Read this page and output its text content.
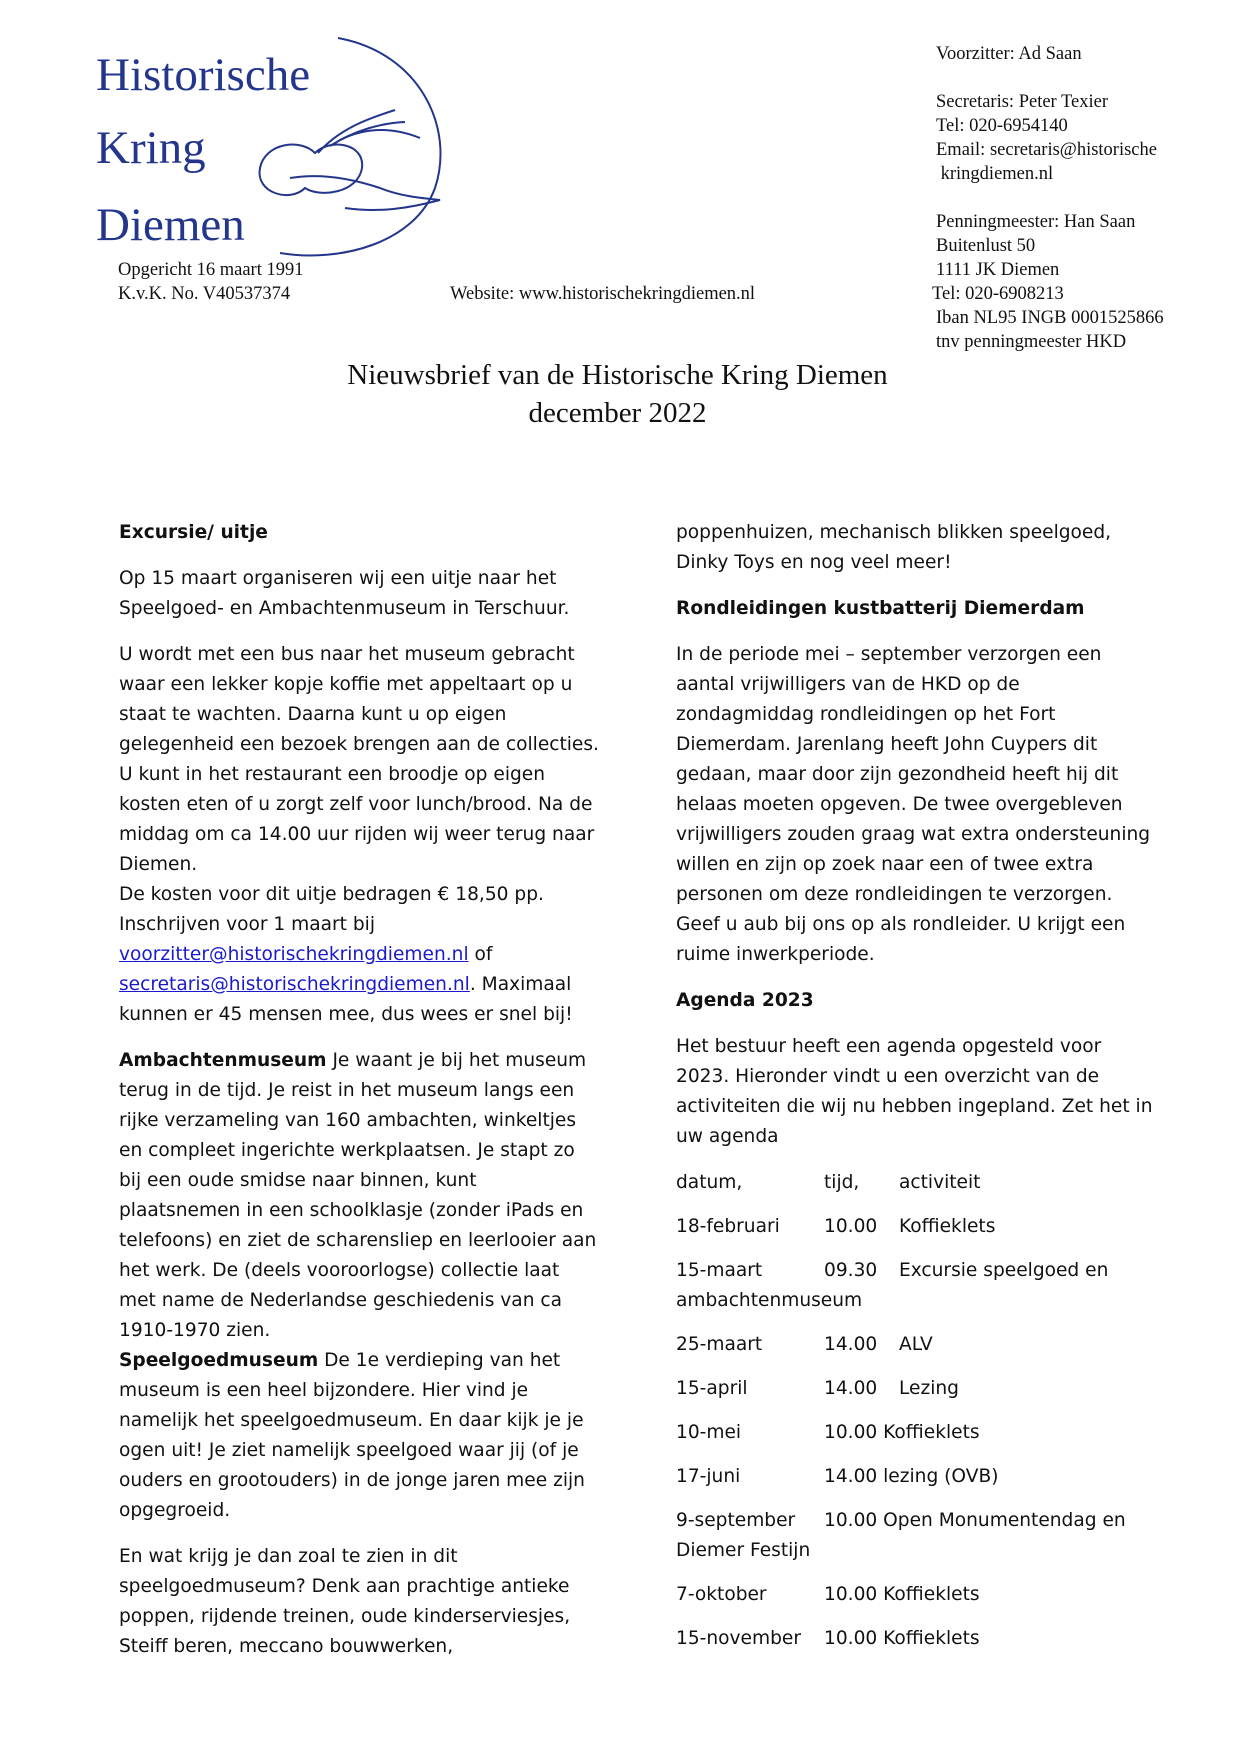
Historische
Kring
Diemen
Opgericht 16 maart 1991
K.v.K. No. V40537374	Website: www.historischekringdiemen.nl
Voorzitter: Ad Saan
Secretaris: Peter Texier
Tel: 020-6954140
Email: secretaris@historische
kringdiemen.nl
Penningmeester: Han Saan
Buitenlust 50
1111 JK Diemen
Tel: 020-6908213
Iban NL95 INGB 0001525866
tnv penningmeester HKD
Nieuwsbrief van de Historische Kring Diemen
december 2022

Excursie/ uitje

Op 15 maart organiseren wij een uitje naar het

Speelgoed- en Ambachtenmuseum in Terschuur.

U wordt met een bus naar het museum gebracht

waar een lekker kopje koffie met appeltaart op u

staat te wachten. Daarna kunt u op eigen

gelegenheid een bezoek brengen aan de collecties.

U kunt in het restaurant een broodje op eigen

kosten eten of u zorgt zelf voor lunch/brood. Na de

middag om ca 14.00 uur rijden wij weer terug naar

Diemen.

De kosten voor dit uitje bedragen € 18,50 pp.

Inschrijven voor 1 maart bij

voorzitter@historischekringdiemen.nl of

secretaris@historischekringdiemen.nl. Maximaal

kunnen er 45 mensen mee, dus wees er snel bij!

Ambachtenmuseum Je waant je bij het museum

terug in de tijd. Je reist in het museum langs een

rijke verzameling van 160 ambachten, winkeltjes

en compleet ingerichte werkplaatsen. Je stapt zo

bij een oude smidse naar binnen, kunt

plaatsnemen in een schoolklasje (zonder iPads en

telefoons) en ziet de scharensliep en leerlooier aan

het werk. De (deels vooroorlogse) collectie laat

met name de Nederlandse geschiedenis van ca

1910-1970 zien.

Speelgoedmuseum De 1e verdieping van het

museum is een heel bijzondere. Hier vind je

namelijk het speelgoedmuseum. En daar kijk je je

ogen uit! Je ziet namelijk speelgoed waar jij (of je

ouders en grootouders) in de jonge jaren mee zijn

opgegroeid.

En wat krijg je dan zoal te zien in dit

speelgoedmuseum? Denk aan prachtige antieke

poppen, rijdende treinen, oude kinderserviesjes,

Steiff beren, meccano bouwwerken,

poppenhuizen, mechanisch blikken speelgoed,

Dinky Toys en nog veel meer!

Rondleidingen kustbatterij Diemerdam

In de periode mei – september verzorgen een

aantal vrijwilligers van de HKD op de

zondagmiddag rondleidingen op het Fort

Diemerdam. Jarenlang heeft John Cuypers dit

gedaan, maar door zijn gezondheid heeft hij dit

helaas moeten opgeven. De twee overgebleven

vrijwilligers zouden graag wat extra ondersteuning

willen en zijn op zoek naar een of twee extra

personen om deze rondleidingen te verzorgen.

Geef u aub bij ons op als rondleider. U krijgt een

ruime inwerkperiode.

Agenda 2023

Het bestuur heeft een agenda opgesteld voor

2023. Hieronder vindt u een overzicht van de

activiteiten die wij nu hebben ingepland. Zet het in

uw agenda

datum,	tijd, activiteit
18-februari 10.00 Koffieklets
15-maart	09.30 Excursie speelgoed en
ambachtenmuseum
25-maart	14.00 ALV
15-april	14.00 Lezing
10-mei	10.00 Koffieklets
17-juni	14.00 lezing (OVB)
9-september 10.00 Open Monumentendag en
Diemer Festijn
7-oktober	10.00 Koffieklets
15-november 10.00 Koffieklets
